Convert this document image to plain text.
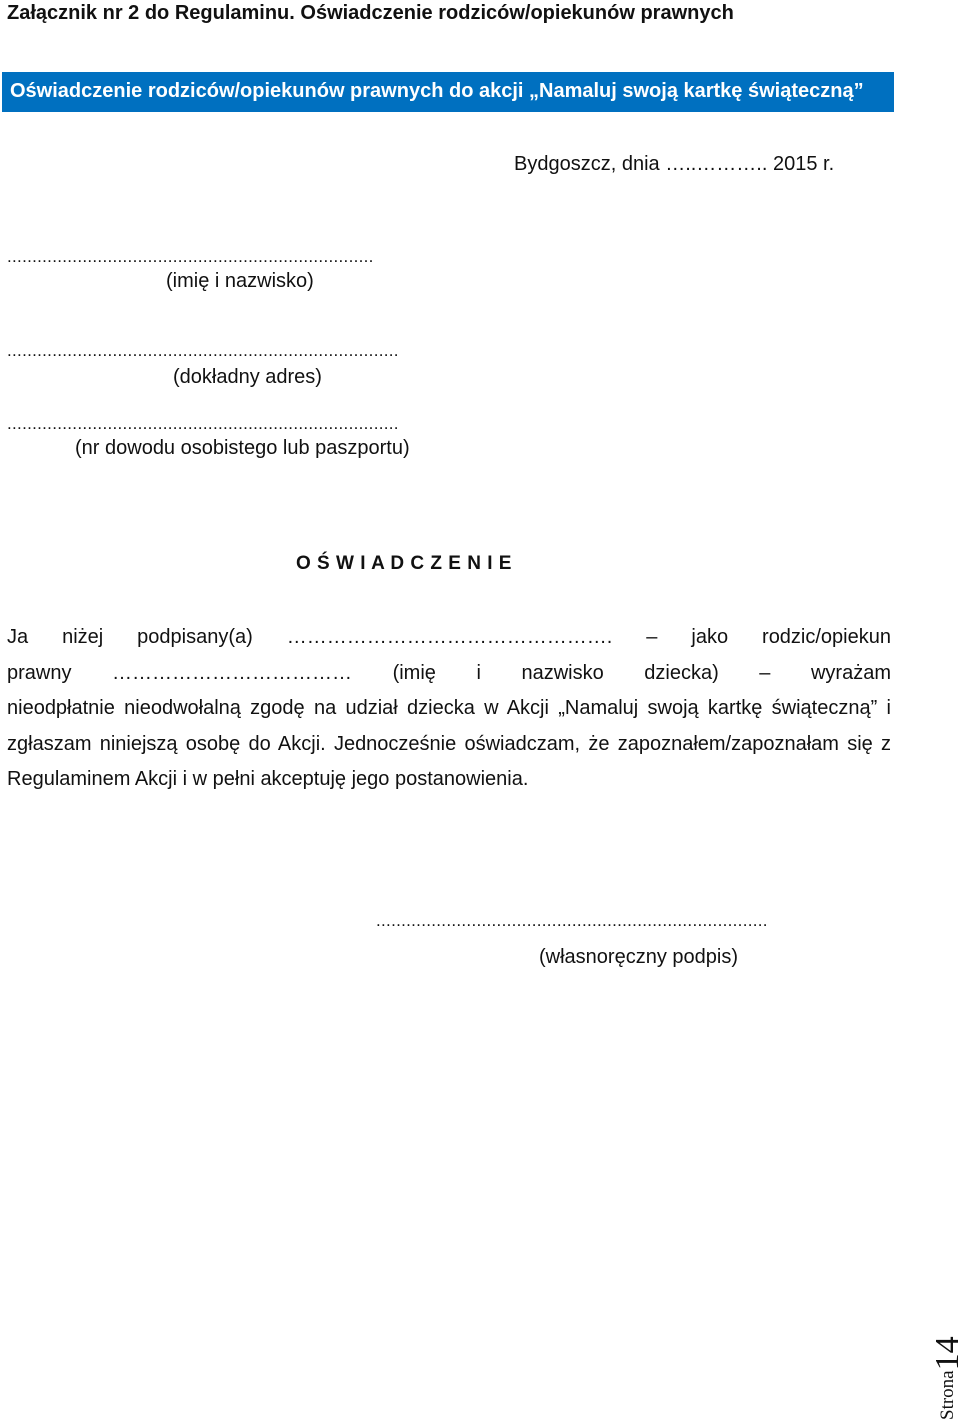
Załącznik nr 2 do Regulaminu. Oświadczenie rodziców/opiekunów prawnych
Oświadczenie rodziców/opiekunów prawnych do akcji „Namaluj swoją kartkę świąteczną”
Bydgoszcz, dnia …..……….. 2015 r.
.........................................................................
(imię i nazwisko)
..............................................................................
(dokładny adres)
..............................................................................
(nr dowodu osobistego lub paszportu)
O Ś W I A D C Z E N I E
Ja niżej podpisany(a) …………………………………………. – jako rodzic/opiekun
prawny ……………………………… (imię i nazwisko dziecka) – wyrażam
nieodpłatnie nieodwołalną zgodę na udział dziecka w Akcji „Namaluj swoją kartkę świąteczną” i
zgłaszam niniejszą osobę do Akcji. Jednocześnie oświadczam, że zapoznałem/zapoznałam się z
Regulaminem Akcji i w pełni akceptuję jego postanowienia.
..............................................................................
(własnoręczny podpis)
Strona14
